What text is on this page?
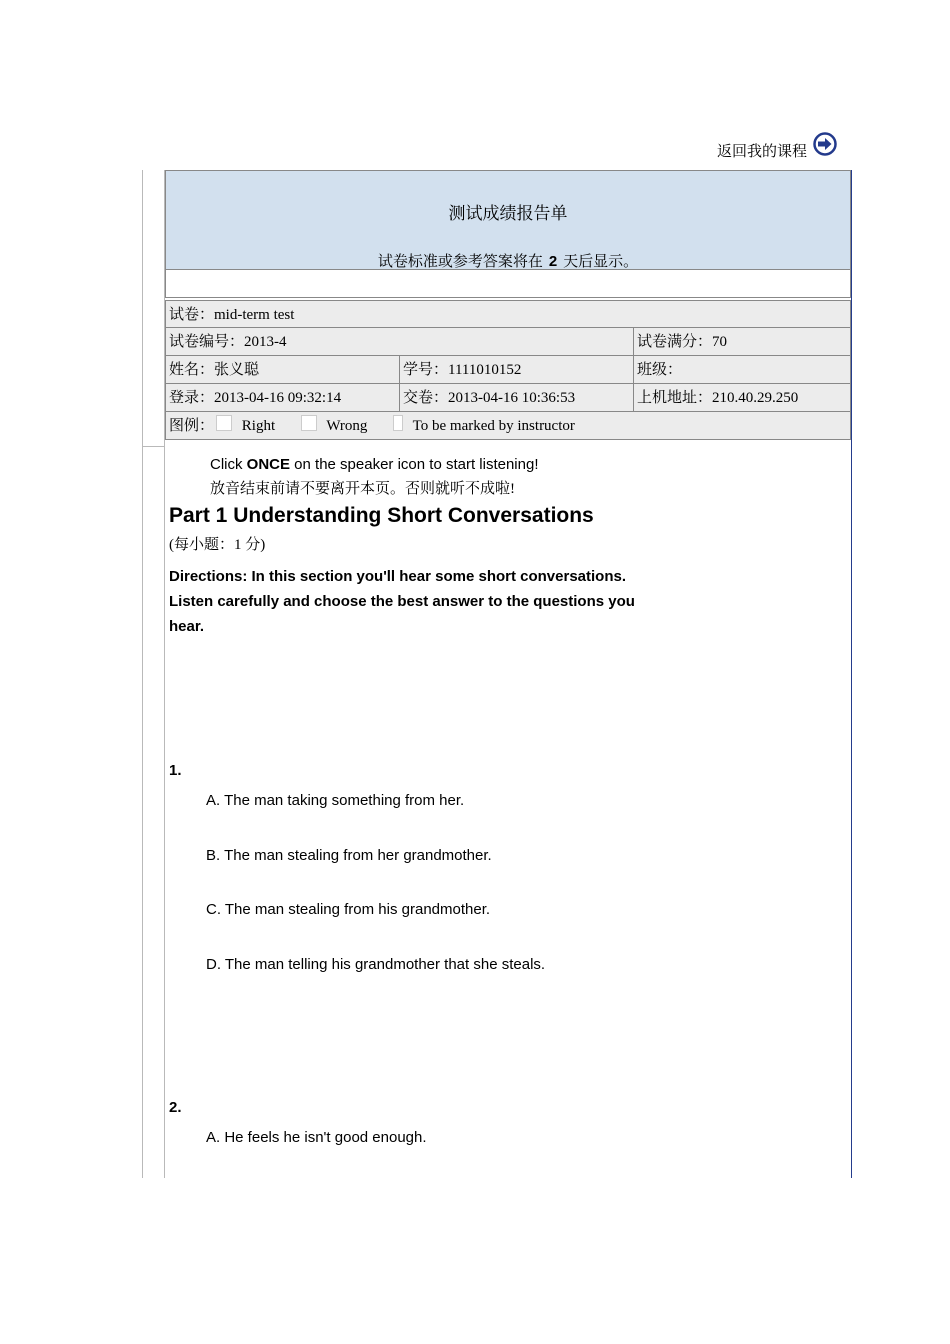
返回我的课程
测试成绩报告单
试卷标准或参考答案将在 2 天后显示。
试卷：mid-term test
试卷编号：2013-4	试卷满分：70
姓名：张义聪	学号：1111010152	班级：
登录：2013-04-16 09:32:14	交卷：2013-04-16 10:36:53	上机地址：210.40.29.250
图例： Right	Wrong	To be marked by instructor
Click ONCE on the speaker icon to start listening!
放音结束前请不要离开本页。否则就听不成啦!
Part 1 Understanding Short Conversations
(每小题：1 分)
Directions: In this section you'll hear some short conversations. Listen carefully and choose the best answer to the questions you hear.
1.
A. The man taking something from her.
B. The man stealing from her grandmother.
C. The man stealing from his grandmother.
D. The man telling his grandmother that she steals.
2.
A. He feels he isn't good enough.
